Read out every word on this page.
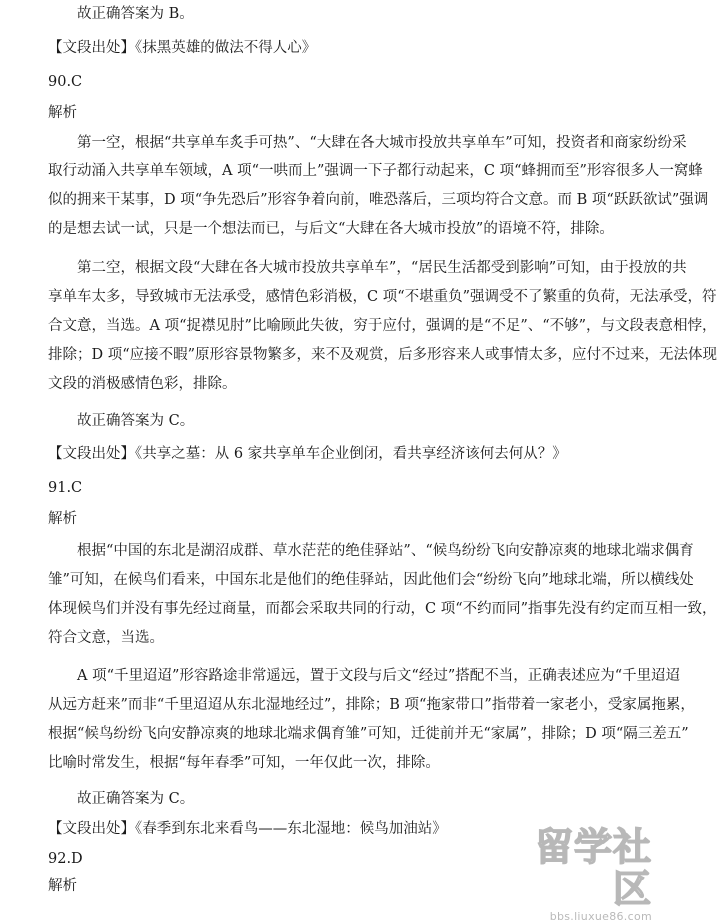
故正确答案为 B。
【文段出处】《抹黑英雄的做法不得人心》
90.C
解析
第一空，根据“共享单车炙手可热”、“大肆在各大城市投放共享单车”可知，投资者和商家纷纷采
取行动涌入共享单车领域，A 项“一哄而上”强调一下子都行动起来，C 项“蜂拥而至”形容很多人一窝蜂
似的拥来干某事，D 项“争先恐后”形容争着向前，唯恐落后，三项均符合文意。而 B 项“跃跃欲试”强调
的是想去试一试，只是一个想法而已，与后文“大肆在各大城市投放”的语境不符，排除。
第二空，根据文段“大肆在各大城市投放共享单车”，“居民生活都受到影响”可知，由于投放的共
享单车太多，导致城市无法承受，感情色彩消极，C 项“不堪重负”强调受不了繁重的负荷，无法承受，符
合文意，当选。A 项“捉襟见肘”比喻顾此失彼，穷于应付，强调的是“不足”、“不够”，与文段表意相悖，
排除；D 项“应接不暇”原形容景物繁多，来不及观赏，后多形容来人或事情太多，应付不过来，无法体现
文段的消极感情色彩，排除。
故正确答案为 C。
【文段出处】《共享之墓：从 6 家共享单车企业倒闭，看共享经济该何去何从？》
91.C
解析
根据“中国的东北是湖沼成群、草水茫茫的绝佳驿站”、“候鸟纷纷飞向安静凉爽的地球北端求偶育
雏”可知，在候鸟们看来，中国东北是他们的绝佳驿站，因此他们会“纷纷飞向”地球北端，所以横线处
体现候鸟们并没有事先经过商量，而都会采取共同的行动，C 项“不约而同”指事先没有约定而互相一致，
符合文意，当选。
A 项“千里迢迢”形容路途非常遥远，置于文段与后文“经过”搭配不当，正确表述应为“千里迢迢
从远方赶来”而非“千里迢迢从东北湿地经过”，排除；B 项“拖家带口”指带着一家老小，受家属拖累，
根据“候鸟纷纷飞向安静凉爽的地球北端求偶育雏”可知，迁徙前并无“家属”，排除；D 项“隔三差五”
比喻时常发生，根据“每年春季”可知，一年仅此一次，排除。
故正确答案为 C。
【文段出处】《春季到东北来看鸟——东北湿地：候鸟加油站》
92.D
解析
留学社区
bbs.liuxue86.com
